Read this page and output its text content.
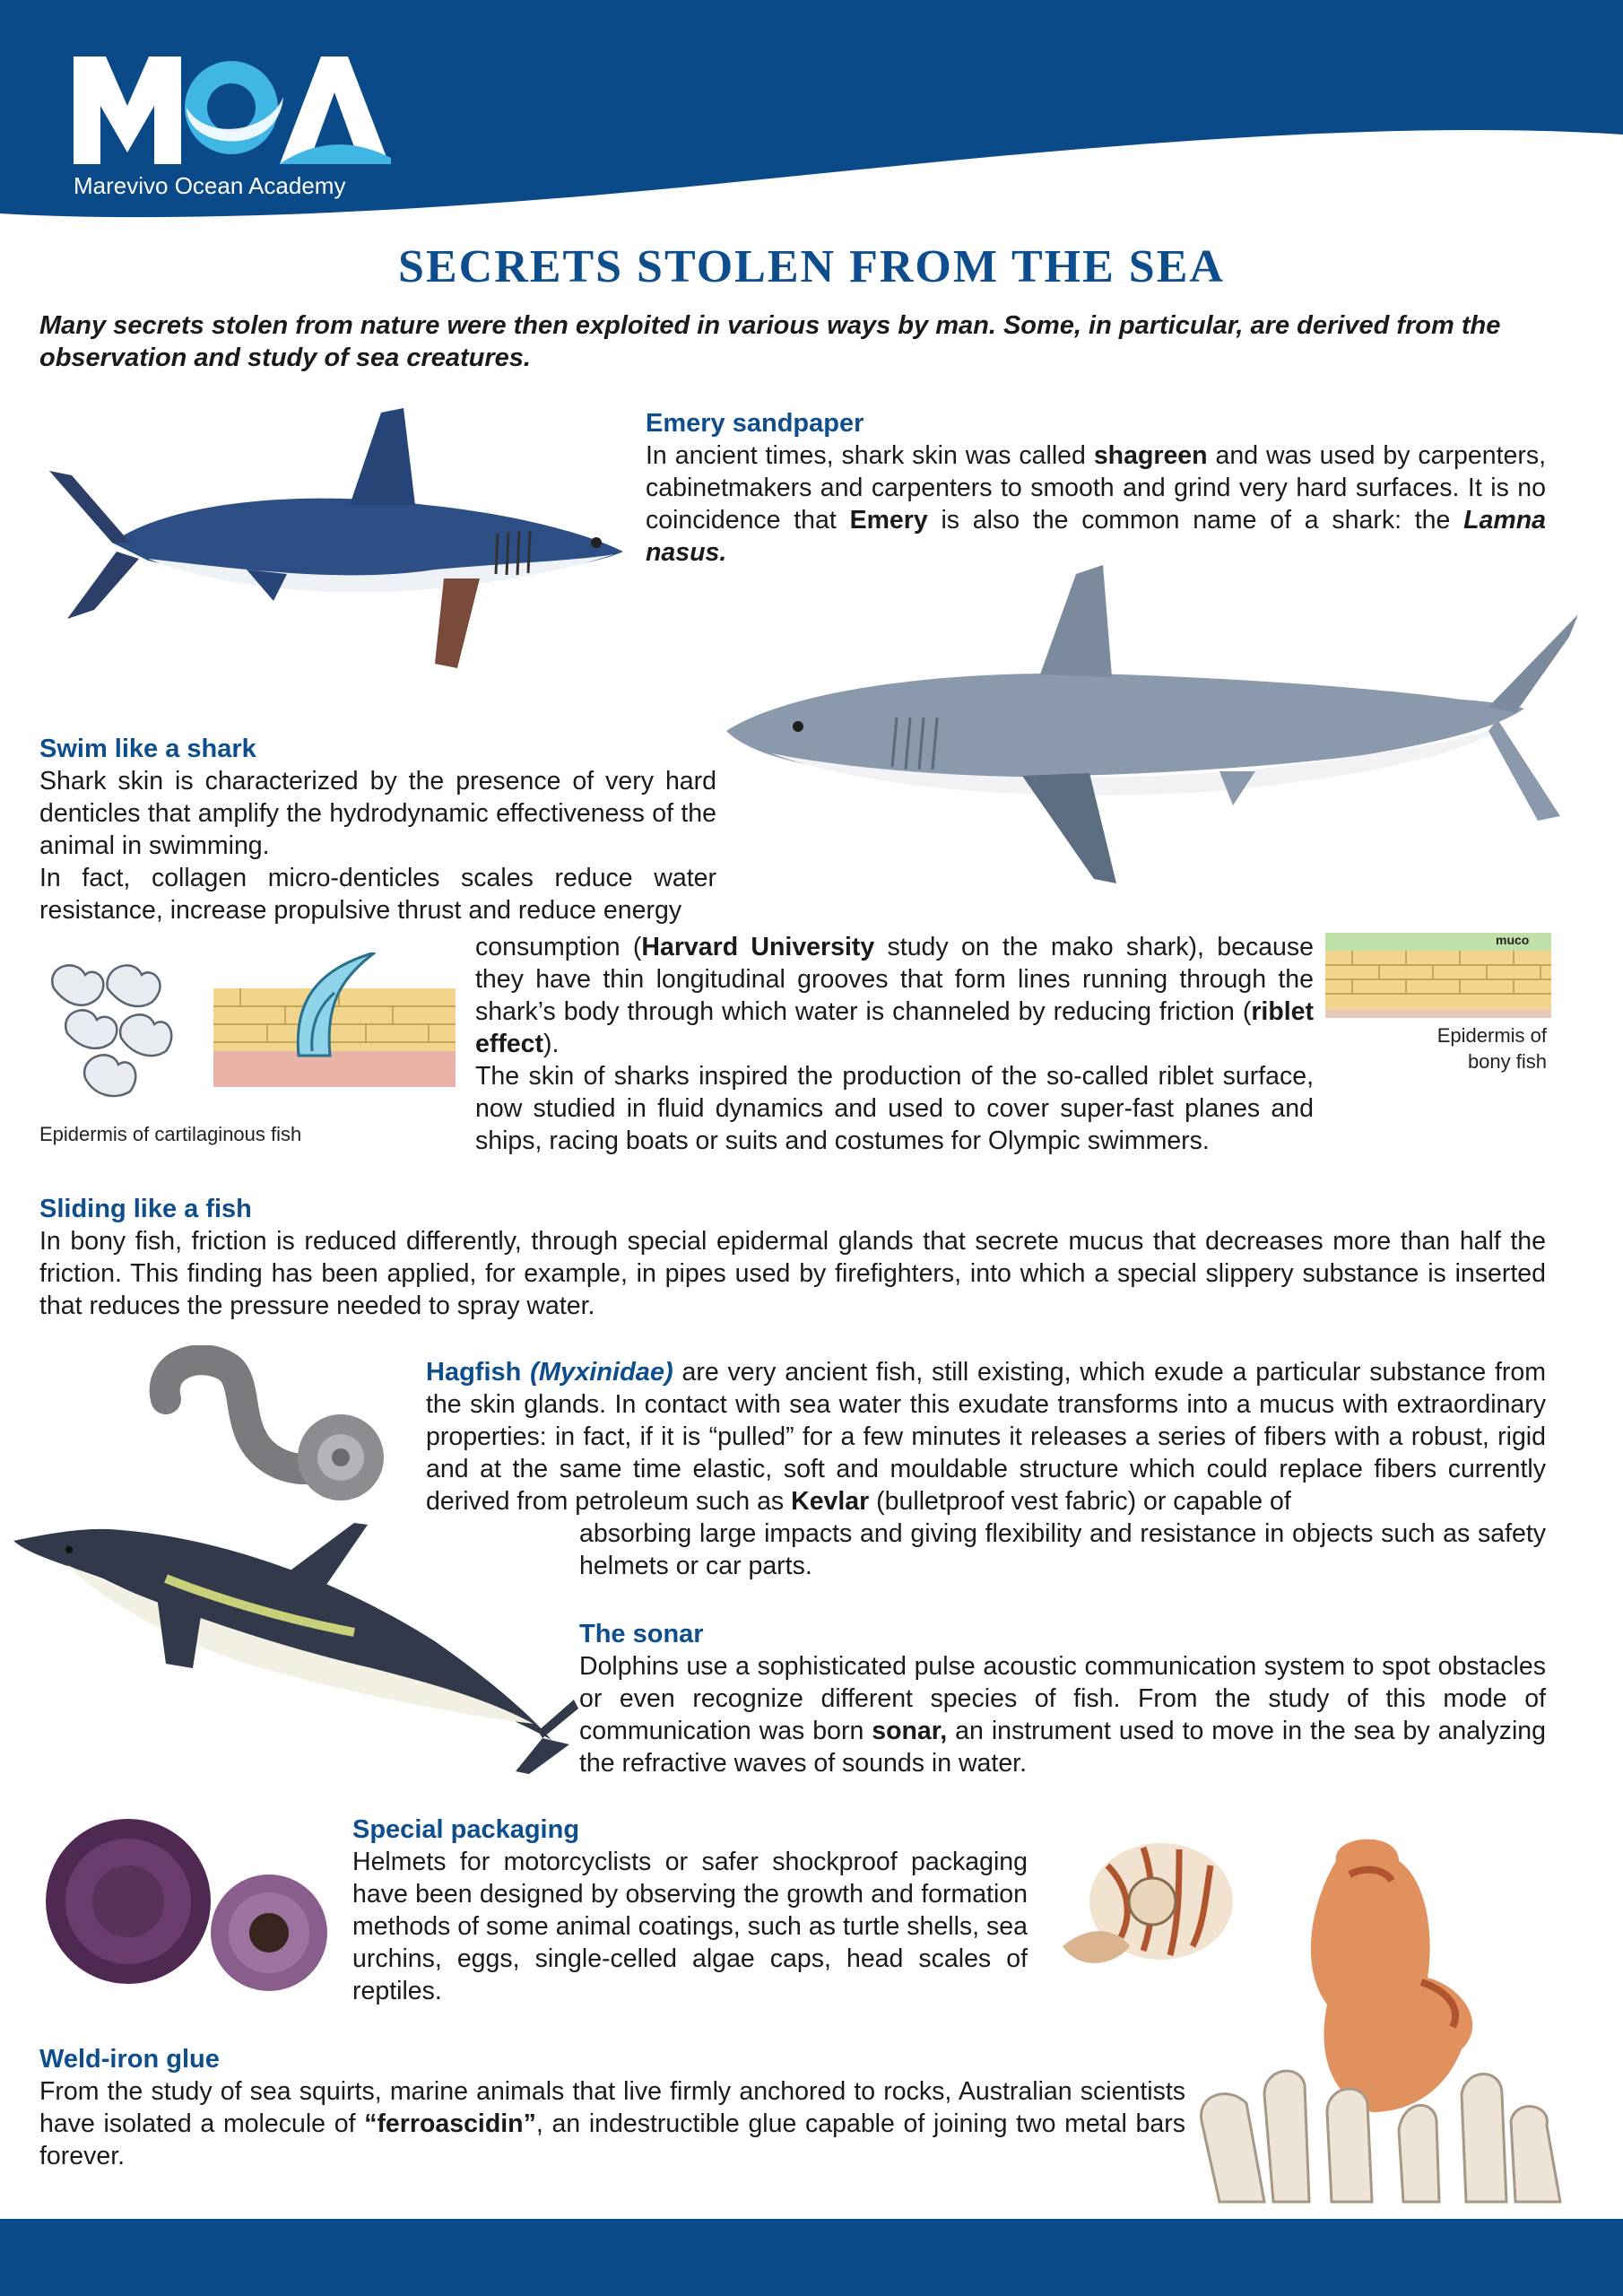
Marevivo Ocean Academy
SECRETS STOLEN FROM THE SEA
Many secrets stolen from nature were then exploited in various ways by man. Some, in particular, are derived from the observation and study of sea creatures.
Emery sandpaper
In ancient times, shark skin was called shagreen and was used by carpenters, cabinetmakers and carpenters to smooth and grind very hard surfaces. It is no coincidence that Emery is also the common name of a shark: the Lamna nasus.
Swim like a shark
Shark skin is characterized by the presence of very hard denticles that amplify the hydrodynamic effectiveness of the animal in swimming.
In fact, collagen micro-denticles scales reduce water resistance, increase propulsive thrust and reduce energy
Epidermis of cartilaginous fish
consumption (Harvard University study on the mako shark), because they have thin longitudinal grooves that form lines running through the shark’s body through which water is channeled by reducing friction (riblet effect).
The skin of sharks inspired the production of the so-called riblet surface, now studied in fluid dynamics and used to cover super-fast planes and ships, racing boats or suits and costumes for Olympic swimmers.
muco
Epidermis of bony fish
Sliding like a fish
In bony fish, friction is reduced differently, through special epidermal glands that secrete mucus that decreases more than half the friction. This finding has been applied, for example, in pipes used by firefighters, into which a special slippery substance is inserted that reduces the pressure needed to spray water.
Hagfish (Myxinidae) are very ancient fish, still existing, which exude a particular substance from the skin glands. In contact with sea water this exudate transforms into a mucus with extraordinary properties: in fact, if it is “pulled” for a few minutes it releases a series of fibers with a robust, rigid and at the same time elastic, soft and mouldable structure which could replace fibers currently derived from petroleum such as Kevlar (bulletproof vest fabric) or capable of
absorbing large impacts and giving flexibility and resistance in objects such as safety helmets or car parts.
The sonar
Dolphins use a sophisticated pulse acoustic communication system to spot obstacles or even recognize different species of fish. From the study of this mode of communication was born sonar, an instrument used to move in the sea by analyzing the refractive waves of sounds in water.
Special packaging
Helmets for motorcyclists or safer shockproof packaging have been designed by observing the growth and formation methods of some animal coatings, such as turtle shells, sea urchins, eggs, single-celled algae caps, head scales of reptiles.
Weld-iron glue
From the study of sea squirts, marine animals that live firmly anchored to rocks, Australian scientists have isolated a molecule of “ferroascidin”, an indestructible glue capable of joining two metal bars forever.
